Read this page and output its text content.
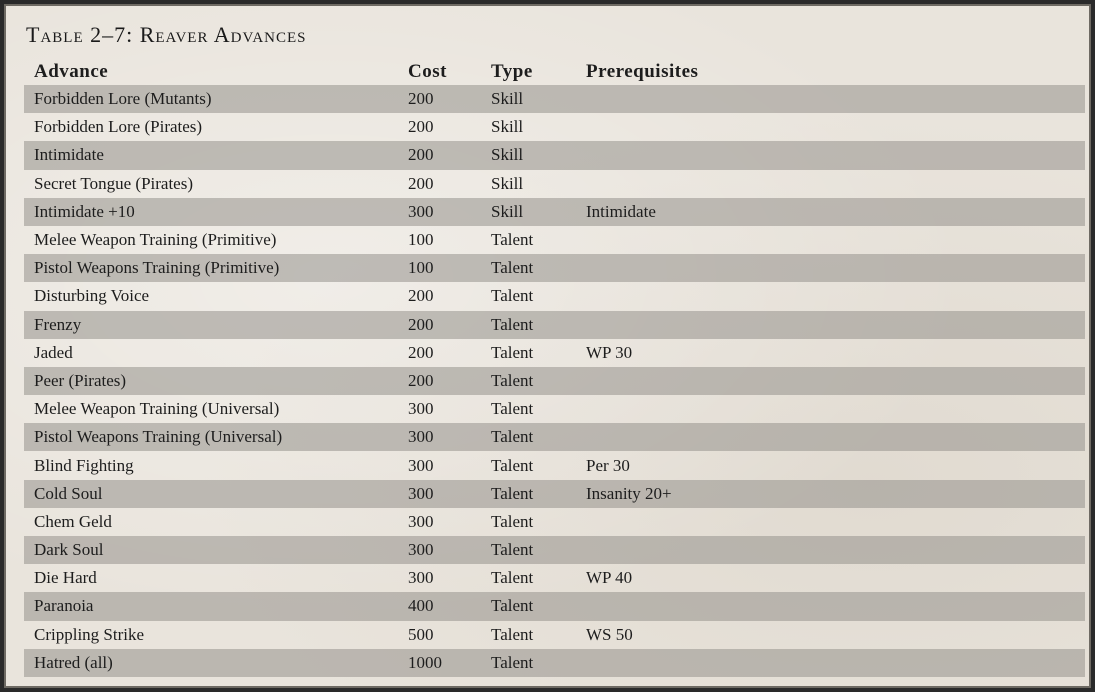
Table 2–7: Reaver Advances
Advance	Cost Type	Prerequisites
Forbidden Lore (Mutants)	200	Skill
Forbidden Lore (Pirates)	200	Skill
Intimidate	200	Skill
Secret Tongue (Pirates)	200	Skill
Intimidate +10	300	Skill	Intimidate
Melee Weapon Training (Primitive)	100	Talent
Pistol Weapons Training (Primitive)	100	Talent
Disturbing Voice	200	Talent
Frenzy	200	Talent
Jaded	200	Talent	WP 30
Peer (Pirates)	200	Talent
Melee Weapon Training (Universal)	300	Talent
Pistol Weapons Training (Universal)	300	Talent
Blind Fighting	300	Talent	Per 30
Cold Soul	300	Talent	Insanity 20+
Chem Geld	300	Talent
Dark Soul	300	Talent
Die Hard	300	Talent	WP 40
Paranoia	400	Talent
Crippling Strike	500	Talent	WS 50
Hatred (all)	1000	Talent
